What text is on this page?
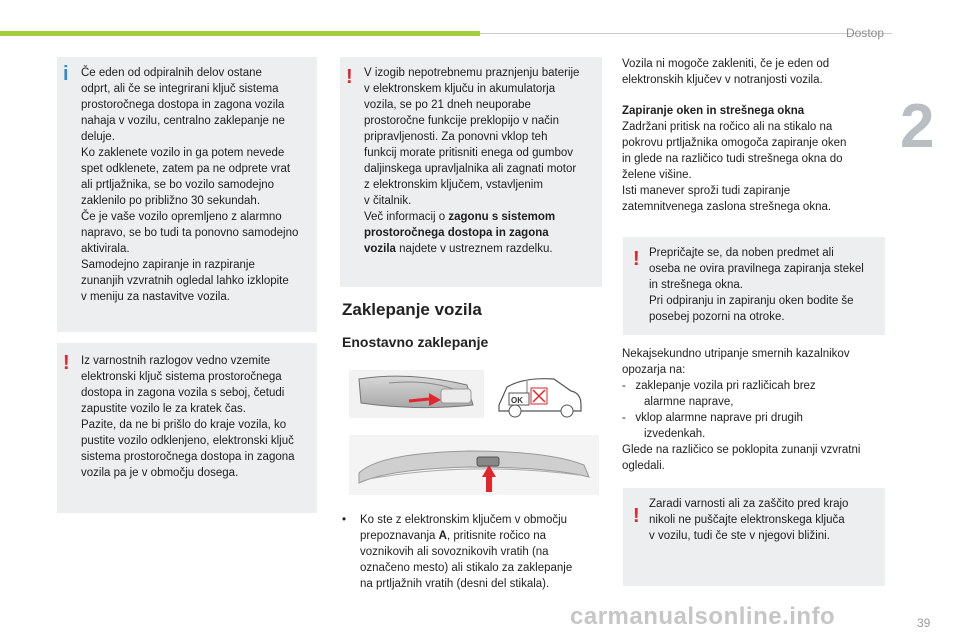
Dostop
2
39
i Če eden od odpiralnih delov ostane

odprt, ali če se integrirani ključ sistema

prostoročnega dostopa in zagona vozila

nahaja v vozilu, centralno zaklepanje ne

deluje.

Ko zaklenete vozilo in ga potem nevede

spet odklenete, zatem pa ne odprete vrat

ali prtljažnika, se bo vozilo samodejno

zaklenilo po približno 30 sekundah.

Če je vaše vozilo opremljeno z alarmno

napravo, se bo tudi ta ponovno samodejno

aktivirala.

Samodejno zapiranje in razpiranje

zunanjih vzvratnih ogledal lahko izklopite

v meniju za nastavitve vozila.

! Iz varnostnih razlogov vedno vzemite

elektronski ključ sistema prostoročnega

dostopa in zagona vozila s seboj, četudi

zapustite vozilo le za kratek čas.

Pazite, da ne bi prišlo do kraje vozila, ko

pustite vozilo odklenjeno, elektronski ključ

sistema prostoročnega dostopa in zagona

vozila pa je v območju dosega.

! V izogib nepotrebnemu praznjenju baterije

v elektronskem ključu in akumulatorja

vozila, se po 21 dneh neuporabe

prostoročne funkcije preklopijo v način

pripravljenosti. Za ponovni vklop teh

funkcij morate pritisniti enega od gumbov

daljinskega upravljalnika ali zagnati motor

z elektronskim ključem, vstavljenim

v čitalnik.

Več informacij o zagonu s sistemom

prostoročnega dostopa in zagona

vozila najdete v ustreznem razdelku.

Zaklepanje vozila
Enostavno zaklepanje
OK
• Ko ste z elektronskim ključem v območju

prepoznavanja A, pritisnite ročico na

voznikovih ali sovoznikovih vratih (na

označeno mesto) ali stikalo za zaklepanje

na prtljažnih vratih (desni del stikala).

Vozila ni mogoče zakleniti, če je eden od

elektronskih ključev v notranjosti vozila.

Zapiranje oken in strešnega okna

Zadržani pritisk na ročico ali na stikalo na

pokrovu prtljažnika omogoča zapiranje oken

in glede na različico tudi strešnega okna do

želene višine.

Isti manever sproži tudi zapiranje

zatemnitvenega zaslona strešnega okna.

! Prepričajte se, da noben predmet ali

oseba ne ovira pravilnega zapiranja stekel

in strešnega okna.

Pri odpiranju in zapiranju oken bodite še

posebej pozorni na otroke.

Nekajsekundno utripanje smernih kazalnikov

opozarja na:

-   zaklepanje vozila pri različicah brez

alarmne naprave,

-   vklop alarmne naprave pri drugih

izvedenkah.

Glede na različico se poklopita zunanji vzvratni

ogledali.

!

Zaradi varnosti ali za zaščito pred krajo

nikoli ne puščajte elektronskega ključa

v vozilu, tudi če ste v njegovi bližini.

carmanualsonline.info
